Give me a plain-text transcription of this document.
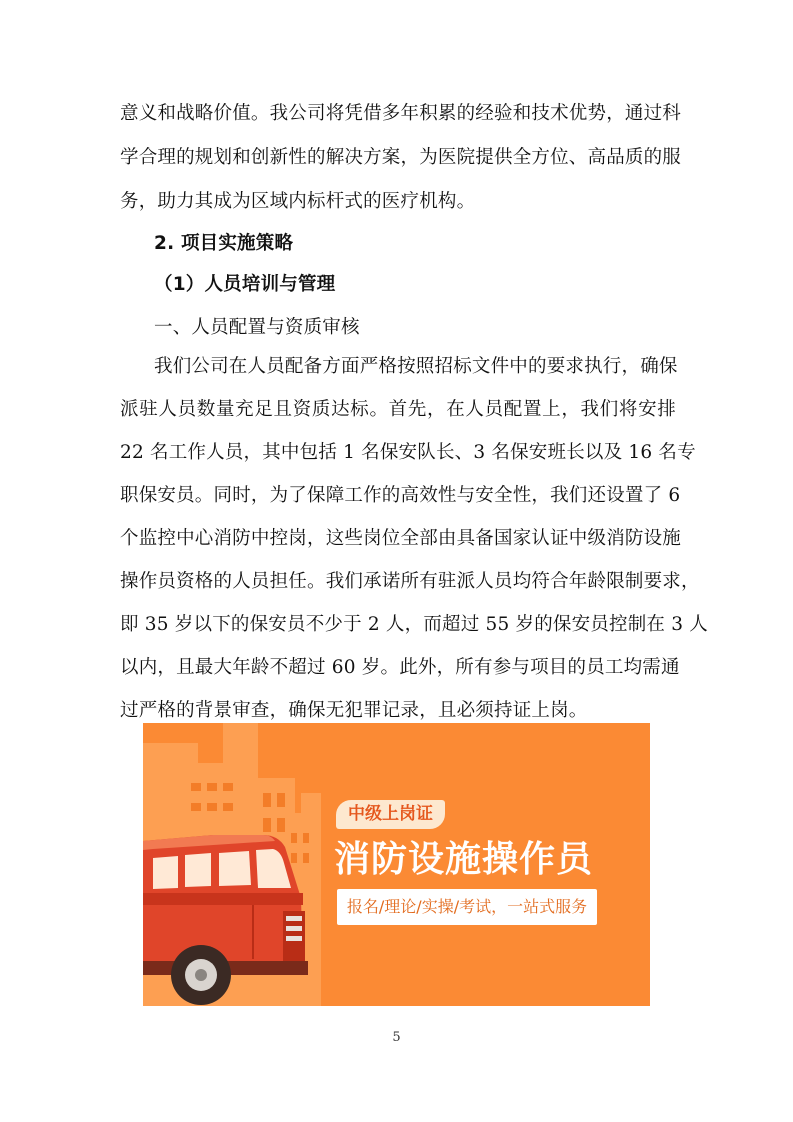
意义和战略价值。我公司将凭借多年积累的经验和技术优势，通过科
学合理的规划和创新性的解决方案，为医院提供全方位、高品质的服
务，助力其成为区域内标杆式的医疗机构。
2. 项目实施策略
（1）人员培训与管理
一、人员配置与资质审核
我们公司在人员配备方面严格按照招标文件中的要求执行，确保
派驻人员数量充足且资质达标。首先，在人员配置上，我们将安排
22 名工作人员，其中包括 1 名保安队长、3 名保安班长以及 16 名专
职保安员。同时，为了保障工作的高效性与安全性，我们还设置了 6
个监控中心消防中控岗，这些岗位全部由具备国家认证中级消防设施
操作员资格的人员担任。我们承诺所有驻派人员均符合年龄限制要求，
即 35 岁以下的保安员不少于 2 人，而超过 55 岁的保安员控制在 3 人
以内，且最大年龄不超过 60 岁。此外，所有参与项目的员工均需通
过严格的背景审查，确保无犯罪记录，且必须持证上岗。
中级上岗证
消防设施操作员
报名/理论/实操/考试，一站式服务
5
